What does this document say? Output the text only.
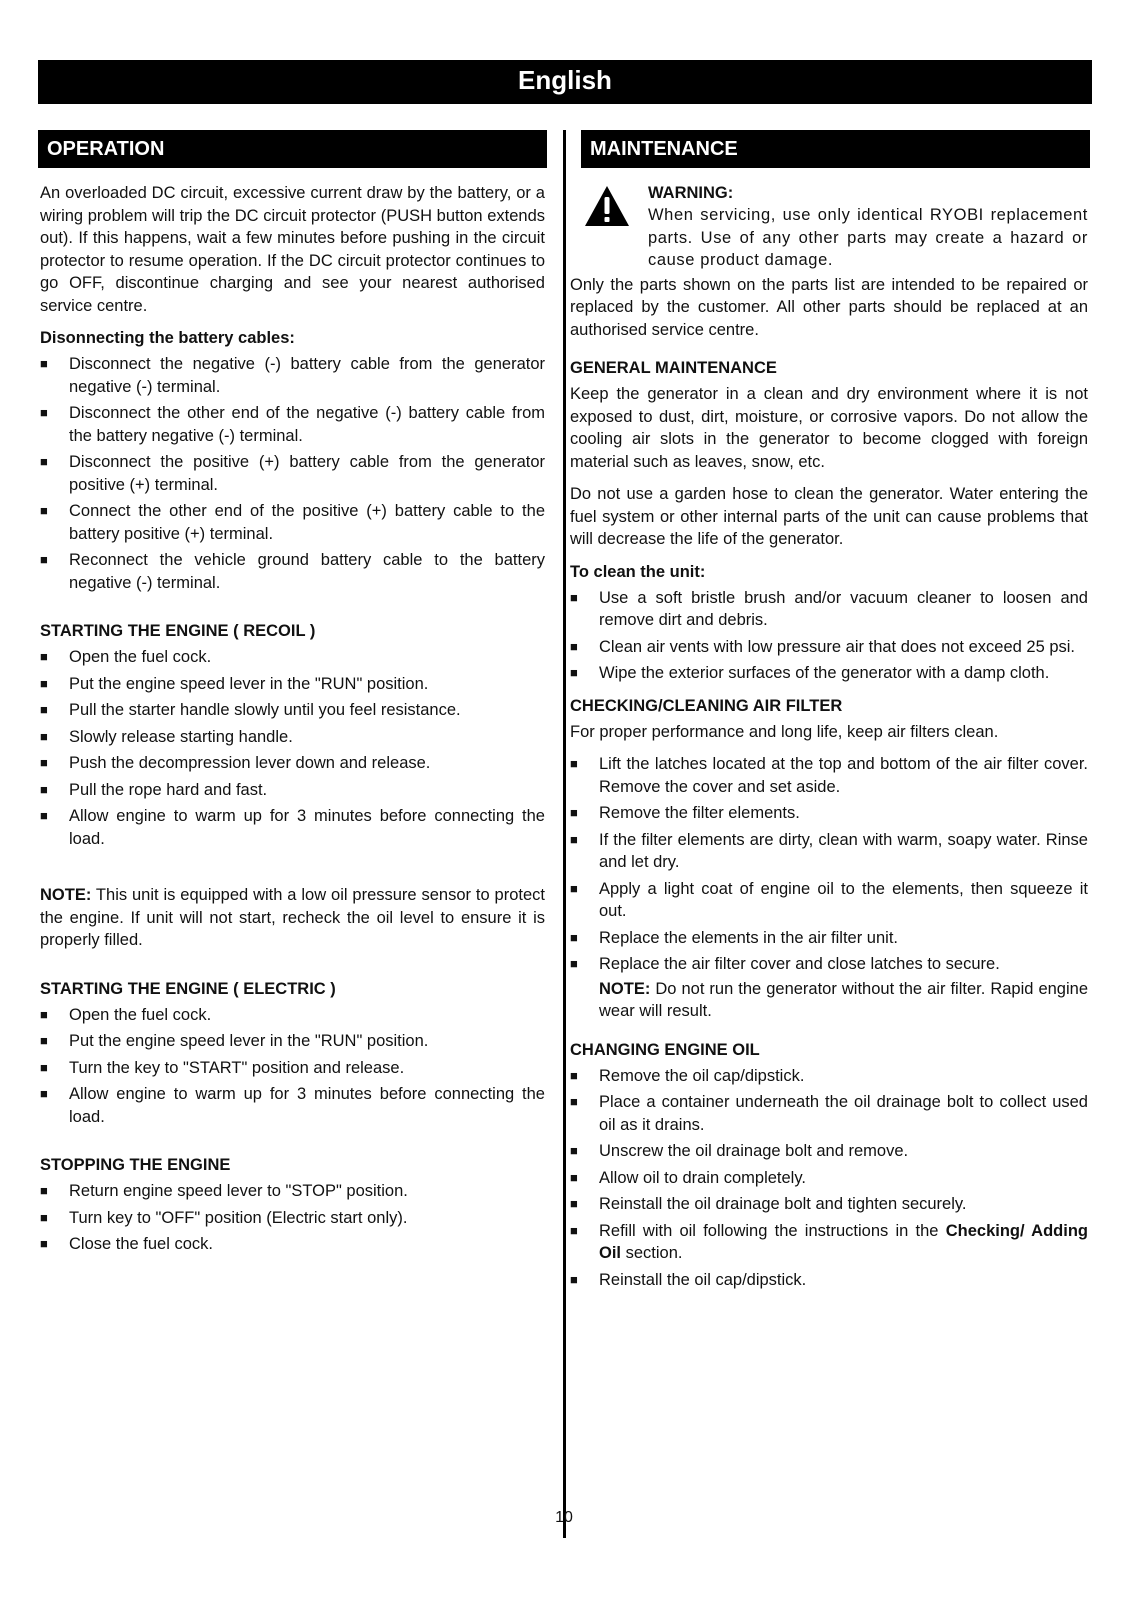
English
OPERATION

An overloaded DC circuit, excessive current draw by the battery, or a wiring problem will trip the DC circuit protector (PUSH button extends out). If this happens, wait a few minutes before pushing in the circuit protector to resume operation. If the DC circuit protector continues to go OFF, discontinue charging and see your nearest authorised service centre.

Disonnecting the battery cables:
■ Disconnect the negative (-) battery cable from the generator negative (-) terminal.
■ Disconnect the other end of the negative (-) battery cable from the battery negative (-) terminal.
■ Disconnect the positive (+) battery cable from the generator positive (+) terminal.
■ Connect the other end of the positive (+) battery cable to the battery positive (+) terminal.
■ Reconnect the vehicle ground battery cable to the battery negative (-) terminal.
STARTING THE ENGINE ( RECOIL )
■ Open the fuel cock.
■ Put the engine speed lever in the "RUN" position.
■ Pull the starter handle slowly until you feel resistance.
■ Slowly release starting handle.
■ Push the decompression lever down and release.
■ Pull the rope hard and fast.
■ Allow engine to warm up for 3 minutes before connecting the load.

NOTE: This unit is equipped with a low oil pressure sensor to protect the engine. If unit will not start, recheck the oil level to ensure it is properly filled.

STARTING THE ENGINE ( ELECTRIC )
■ Open the fuel cock.
■ Put the engine speed lever in the "RUN" position.
■ Turn the key to "START" position and release.
■ Allow engine to warm up for 3 minutes before connecting the load.
STOPPING THE ENGINE
■ Return engine speed lever to "STOP" position.
■ Turn key to "OFF" position (Electric start only).
■ Close the fuel cock.
MAINTENANCE
WARNING:
When servicing, use only identical RYOBI replacement parts. Use of any other parts may create a hazard or cause product damage.

Only the parts shown on the parts list are intended to be repaired or replaced by the customer. All other parts should be replaced at an authorised service centre.

GENERAL MAINTENANCE

Keep the generator in a clean and dry environment where it is not exposed to dust, dirt, moisture, or corrosive vapors. Do not allow the cooling air slots in the generator to become clogged with foreign material such as leaves, snow, etc.

Do not use a garden hose to clean the generator. Water entering the fuel system or other internal parts of the unit can cause problems that will decrease the life of the generator.

To clean the unit:
■ Use a soft bristle brush and/or vacuum cleaner to loosen and remove dirt and debris.
■ Clean air vents with low pressure air that does not exceed 25 psi.
■ Wipe the exterior surfaces of the generator with a damp cloth.
CHECKING/CLEANING AIR FILTER

For proper performance and long life, keep air filters clean.

■ Lift the latches located at the top and bottom of the air filter cover. Remove the cover and set aside.
■ Remove the filter elements.
■ If the filter elements are dirty, clean with warm, soapy water. Rinse and let dry.
■ Apply a light coat of engine oil to the elements, then squeeze it out.
■ Replace the elements in the air filter unit.
■ Replace the air filter cover and close latches to secure.
NOTE: Do not run the generator without the air filter. Rapid engine wear will result.
CHANGING ENGINE OIL
■ Remove the oil cap/dipstick.
■ Place a container underneath the oil drainage bolt to collect used oil as it drains.
■ Unscrew the oil drainage bolt and remove.
■ Allow oil to drain completely.
■ Reinstall the oil drainage bolt and tighten securely.
■ Refill with oil following the instructions in the Checking/ Adding Oil section.
■ Reinstall the oil cap/dipstick.
10
